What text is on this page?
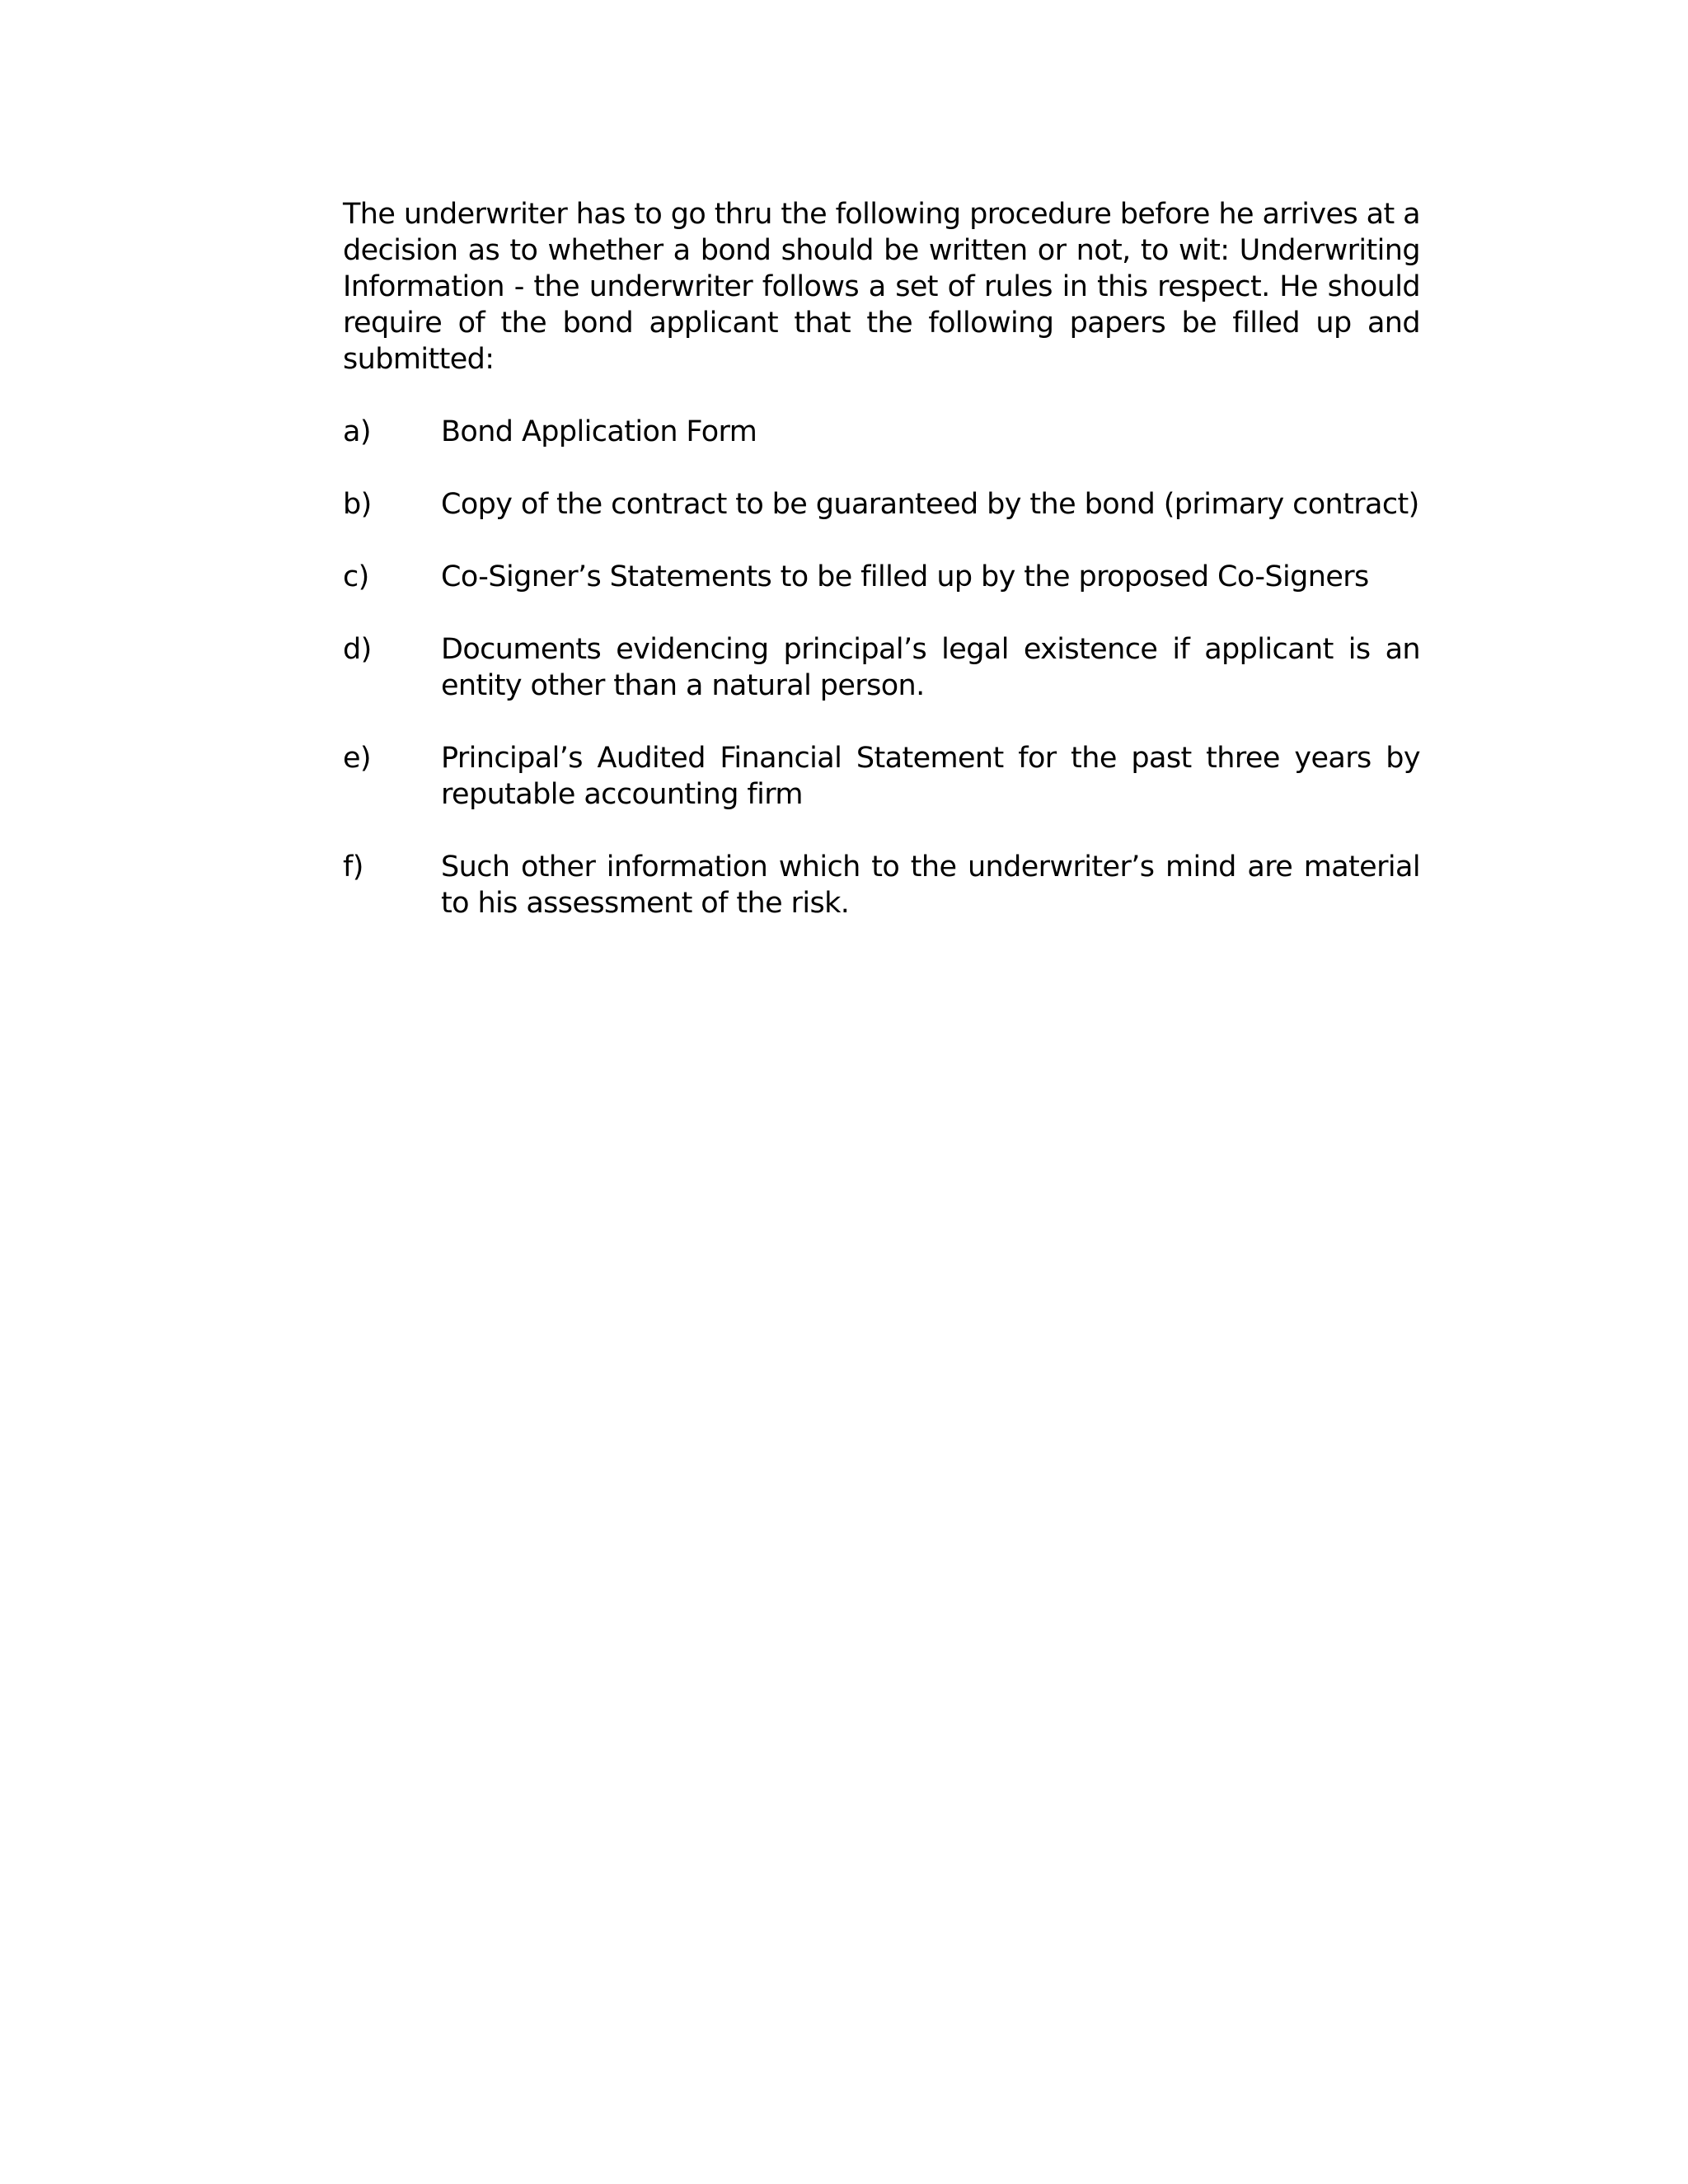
The underwriter has to go thru the following procedure before he arrives at a decision as to whether a bond should be written or not, to wit: Underwriting Information - the underwriter follows a set of rules in this respect. He should require of the bond applicant that the following papers be filled up and submitted:

a)	Bond Application Form
b)	Copy of the contract to be guaranteed by the bond (primary contract)
c)	Co-Signer’s Statements to be filled up by the proposed Co-Signers
d)	Documents evidencing principal’s legal existence if applicant is an entity other than a natural person.
e)	Principal’s Audited Financial Statement for the past three years by reputable accounting firm
f)	Such other information which to the underwriter’s mind are material to his assessment of the risk.
